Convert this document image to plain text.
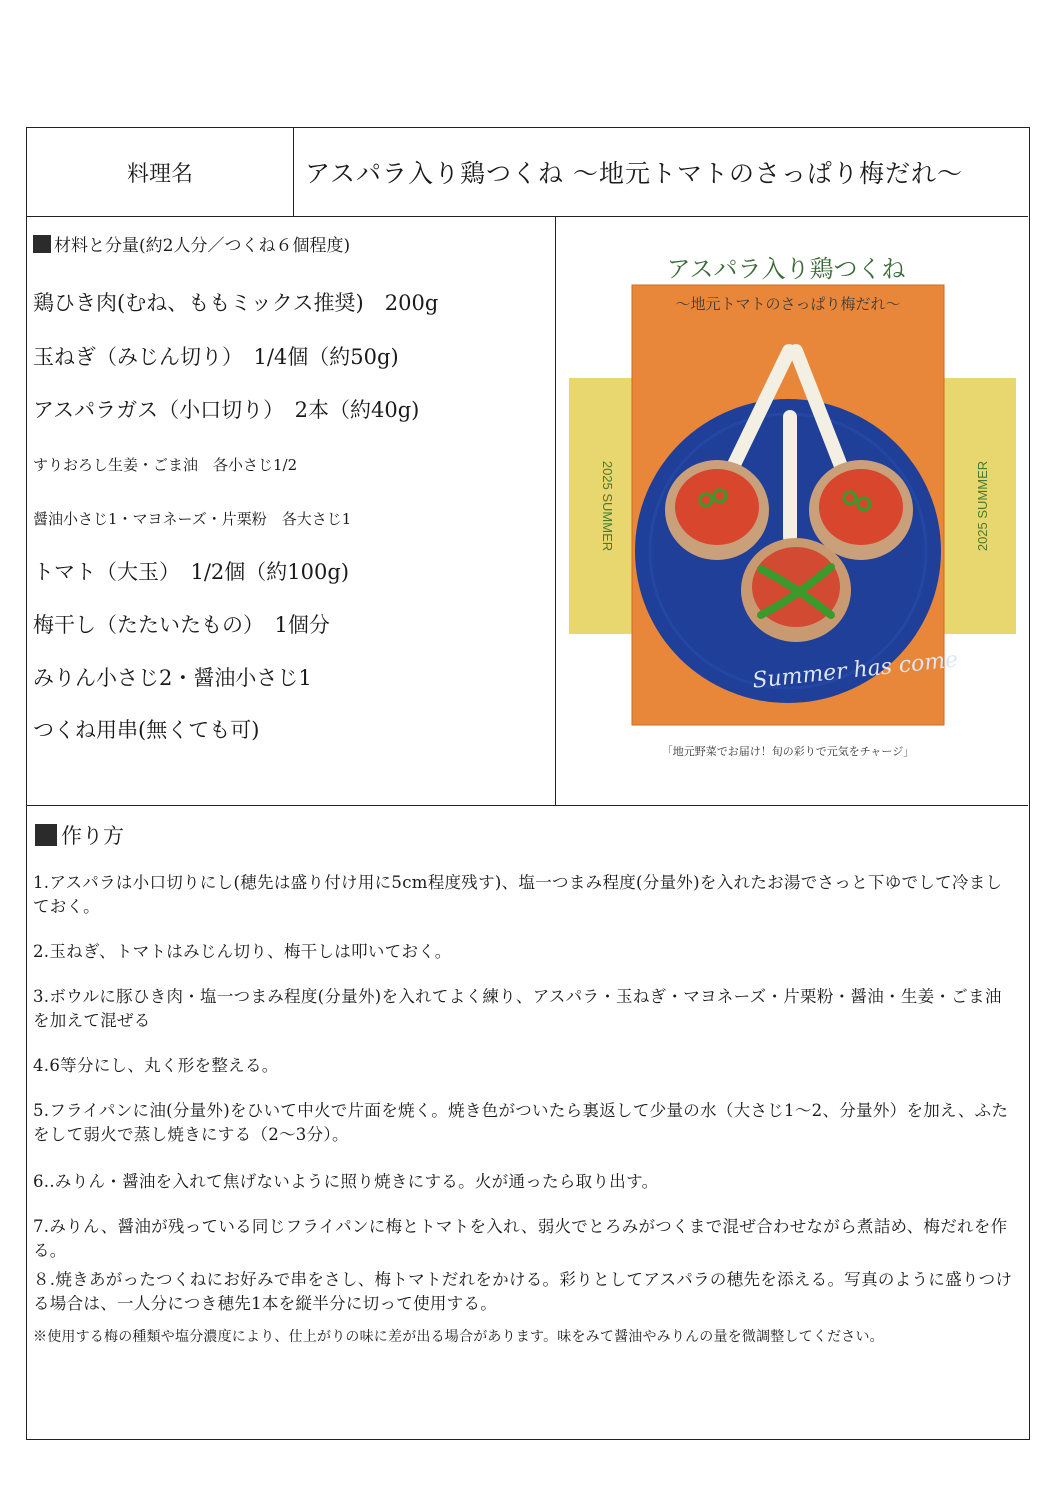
料理名	アスパラ入り鶏つくね ～地元トマトのさっぱり梅だれ～
材料と分量(約2人分／つくね６個程度)
鶏ひき肉(むね、ももミックス推奨)　200g
玉ねぎ（みじん切り）　1/4個（約50g)
アスパラガス（小口切り）　2本（約40g)
すりおろし生姜・ごま油　各小さじ1/2
醤油小さじ1・マヨネーズ・片栗粉　各大さじ1
トマト（大玉）　1/2個（約100g)
梅干し（たたいたもの）　1個分
みりん小さじ2・醤油小さじ1
つくね用串(無くても可)
アスパラ入り鶏つくね
～地元トマトのさっぱり梅だれ～
2025 SUMMER	2025 SUMMER
Summer has come
「地元野菜でお届け！旬の彩りで元気をチャージ」
作り方
1.アスパラは小口切りにし(穂先は盛り付け用に5cm程度残す)、塩一つまみ程度(分量外)を入れたお湯でさっと下ゆでして冷ましておく。
2.玉ねぎ、トマトはみじん切り、梅干しは叩いておく。
3.ボウルに豚ひき肉・塩一つまみ程度(分量外)を入れてよく練り、アスパラ・玉ねぎ・マヨネーズ・片栗粉・醤油・生姜・ごま油を加えて混ぜる
4.6等分にし、丸く形を整える。
5.フライパンに油(分量外)をひいて中火で片面を焼く。焼き色がついたら裏返して少量の水（大さじ1～2、分量外）を加え、ふたをして弱火で蒸し焼きにする（2～3分）。
6..みりん・醤油を入れて焦げないように照り焼きにする。火が通ったら取り出す。
7.みりん、醤油が残っている同じフライパンに梅とトマトを入れ、弱火でとろみがつくまで混ぜ合わせながら煮詰め、梅だれを作る。
８.焼きあがったつくねにお好みで串をさし、梅トマトだれをかける。彩りとしてアスパラの穂先を添える。写真のように盛りつける場合は、一人分につき穂先1本を縦半分に切って使用する。
※使用する梅の種類や塩分濃度により、仕上がりの味に差が出る場合があります。味をみて醤油やみりんの量を微調整してください。
